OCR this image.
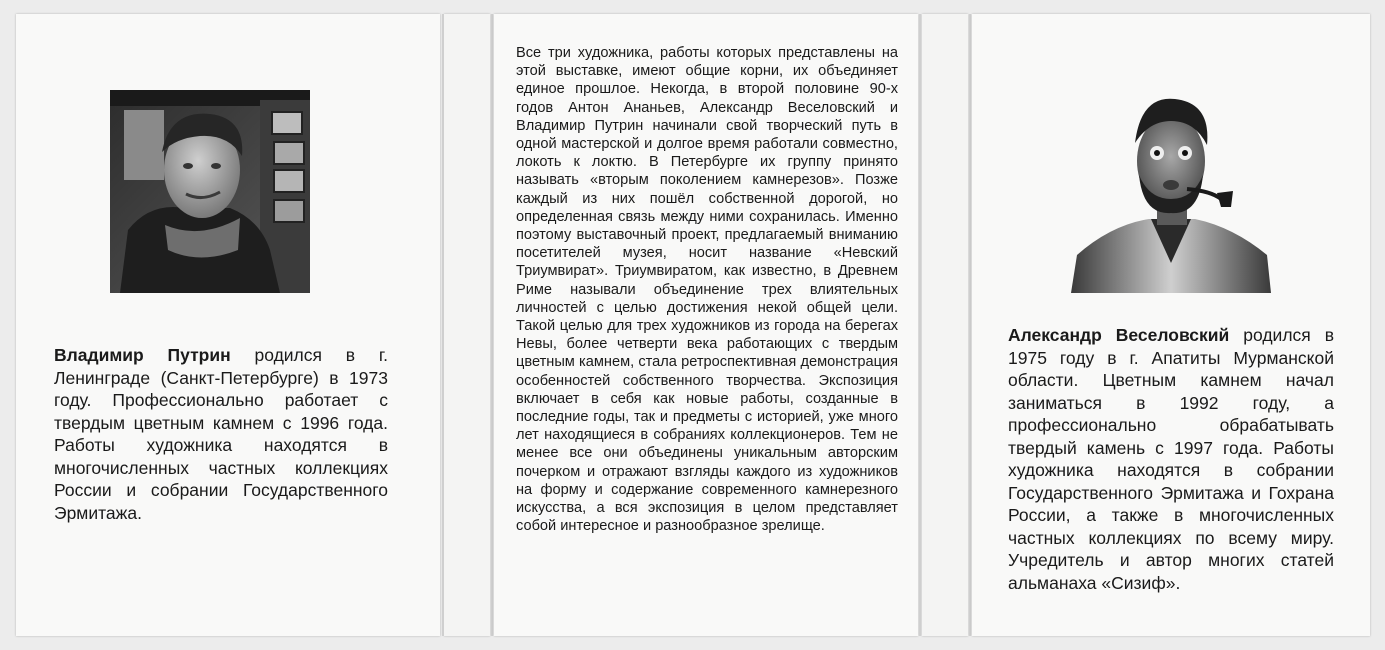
Владимир Путрин родился в г. Ленинграде (Санкт-Петербурге) в 1973 году. Профессионально работает с твердым цветным камнем с 1996 года. Работы художника находятся в многочисленных частных коллекциях России и собрании Государственного Эрмитажа.

Все три художника, работы которых представлены на этой выставке, имеют общие корни, их объединяет единое прошлое. Некогда, в второй половине 90-х годов Антон Ананьев, Александр Веселовский и Владимир Путрин начинали свой творческий путь в одной мастерской и долгое время работали совместно, локоть к локтю. В Петербурге их группу принято называть «вторым поколением камнерезов». Позже каждый из них пошёл собственной дорогой, но определенная связь между ними сохранилась. Именно поэтому выставочный проект, предлагаемый вниманию посетителей музея, носит название «Невский Триумвират». Триумвиратом, как известно, в Древнем Риме называли объединение трех влиятельных личностей с целью достижения некой общей цели. Такой целью для трех художников из города на берегах Невы, более четверти века работающих с твердым цветным камнем, стала ретроспективная демонстрация особенностей собственного творчества. Экспозиция включает в себя как новые работы, созданные в последние годы, так и предметы с историей, уже много лет находящиеся в собраниях коллекционеров. Тем не менее все они объединены уникальным авторским почерком и отражают взгляды каждого из художников на форму и содержание современного камнерезного искусства, а вся экспозиция в целом представляет собой интересное и разнообразное зрелище.

Александр Веселовский родился в 1975 году в г. Апатиты Мурманской области. Цветным камнем начал заниматься в 1992 году, а профессионально обрабатывать твердый камень с 1997 года. Работы художника находятся в собрании Государственного Эрмитажа и Гохрана России, а также в многочисленных частных коллекциях по всему миру. Учредитель и автор многих статей альманаха «Сизиф».
